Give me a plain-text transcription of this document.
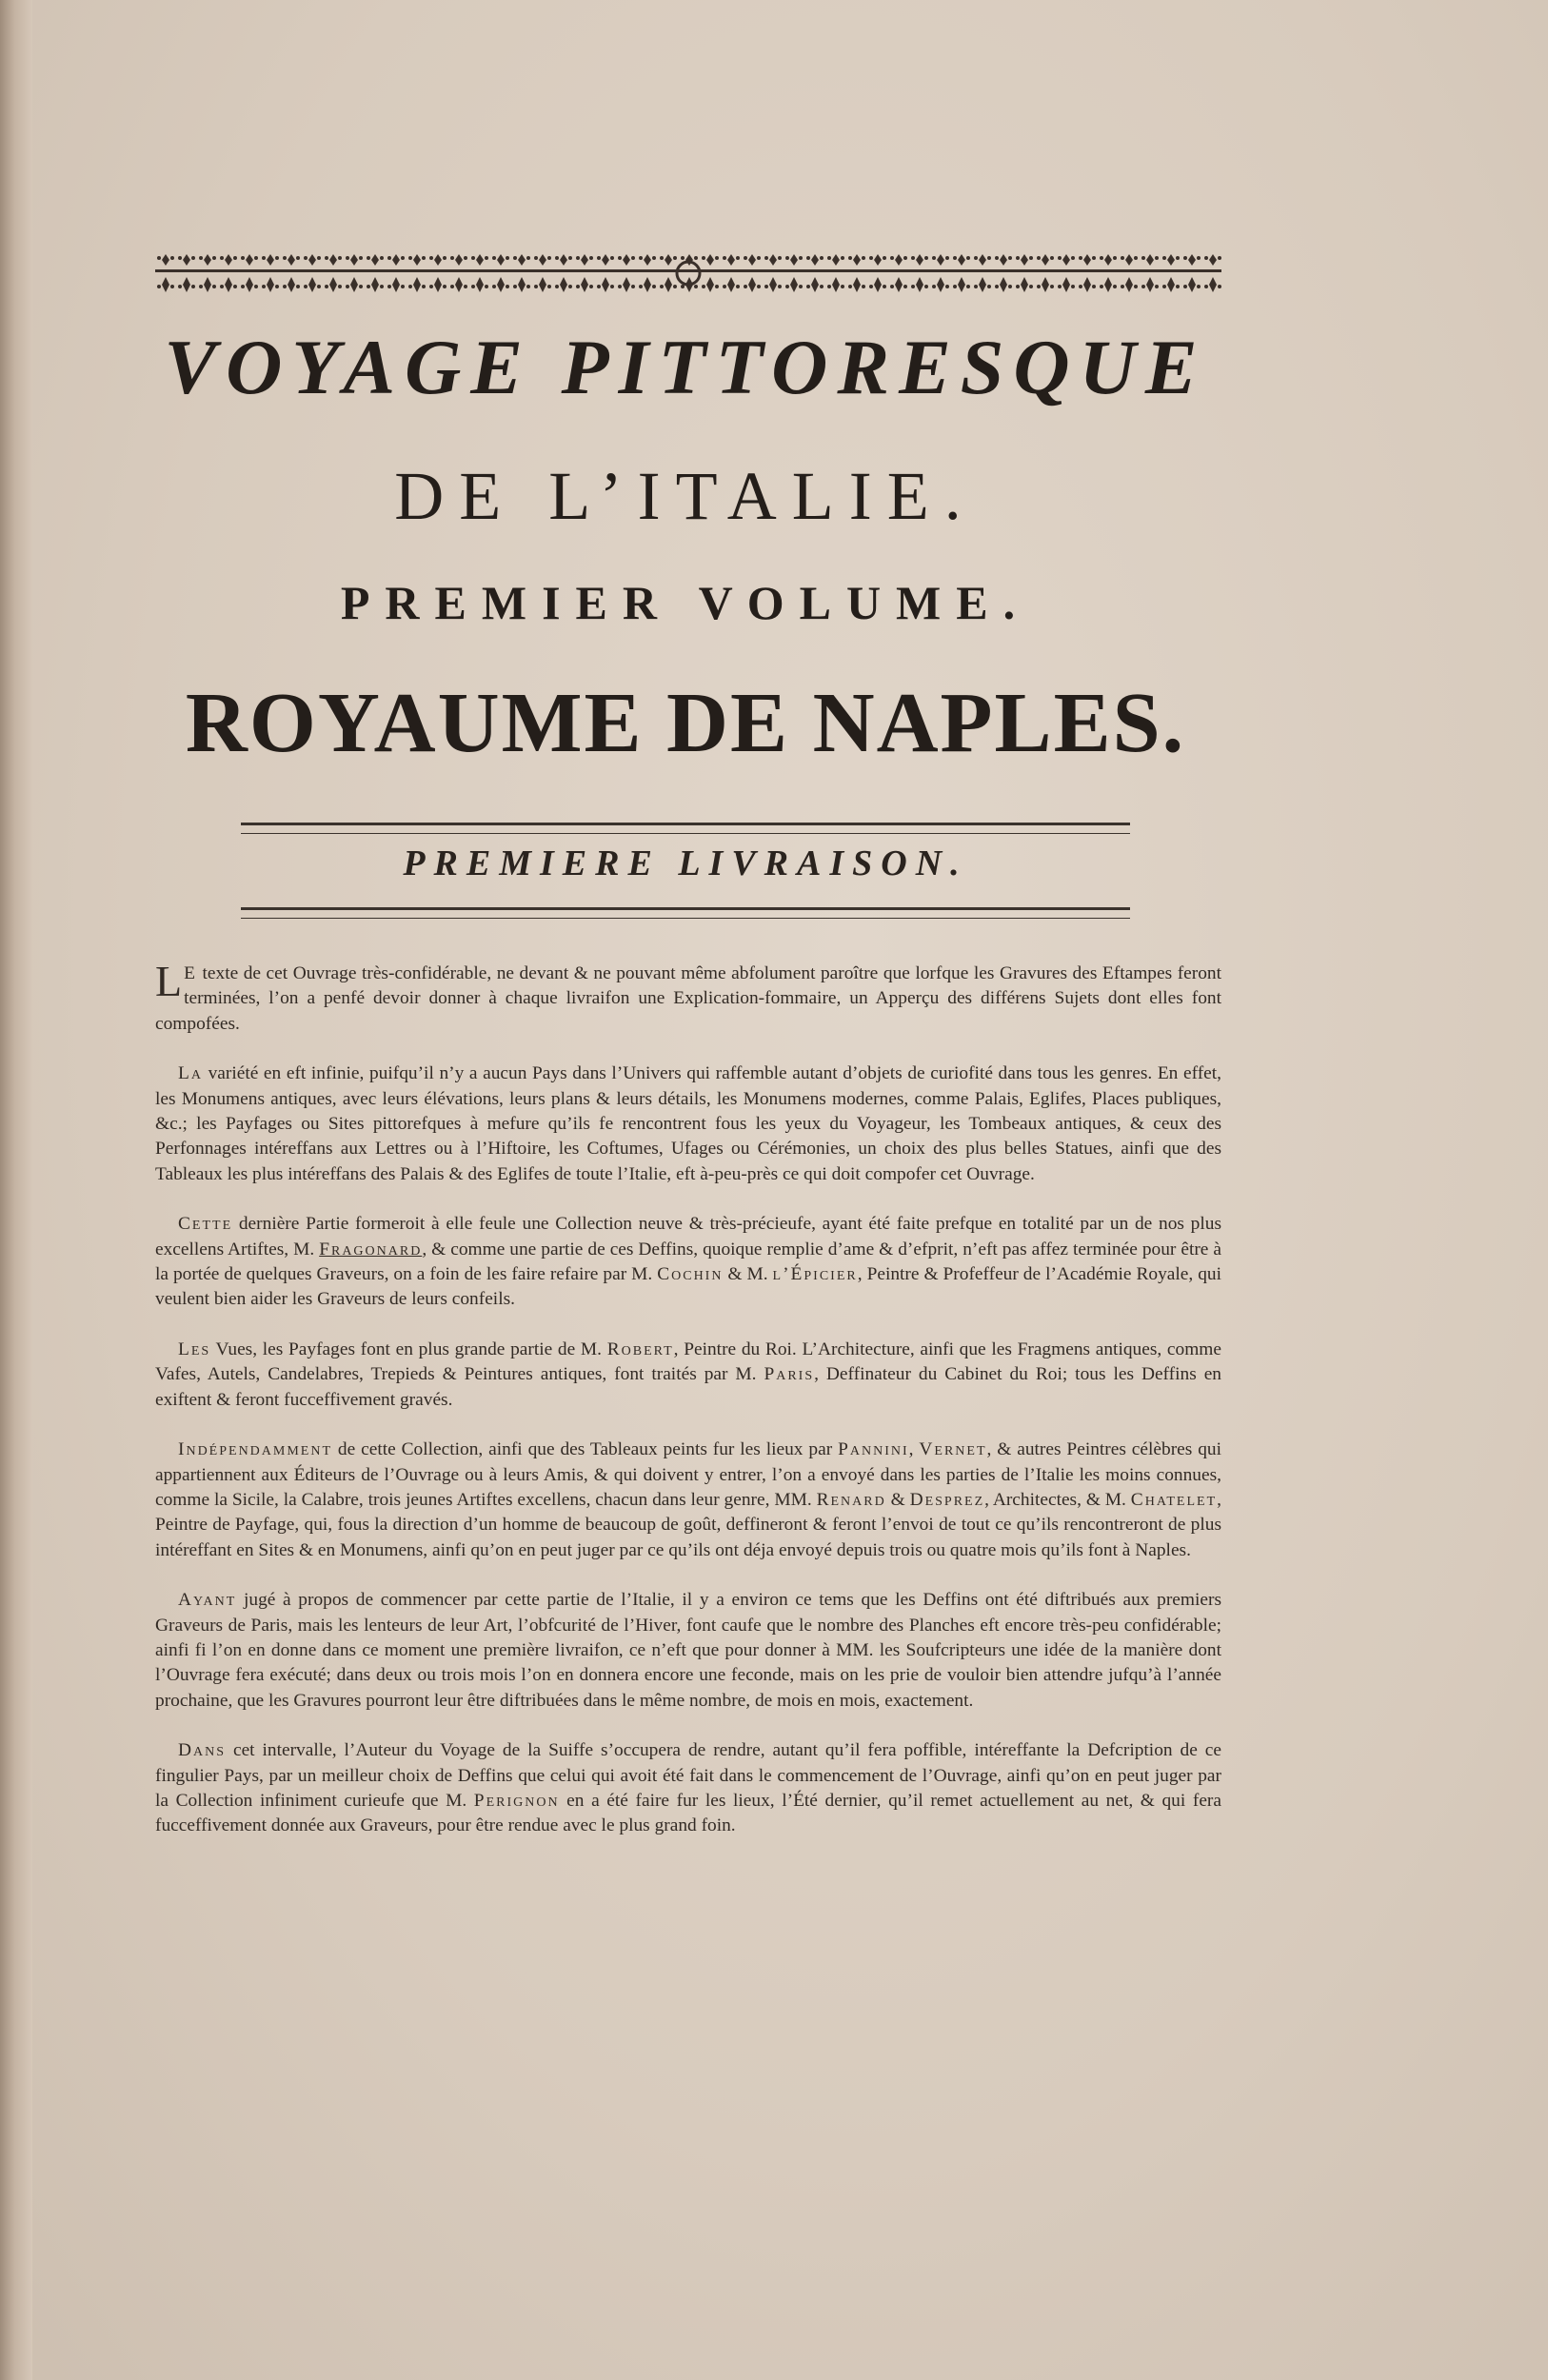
VOYAGE PITTORESQUE
DE L’ITALIE.
PREMIER VOLUME.
ROYAUME DE NAPLES.
PREMIERE LIVRAISON.

L E texte de cet Ouvrage très-confidérable, ne devant & ne pouvant même abfolument paroître que lorfque les Gravures des Eftampes feront terminées, l’on a penfé devoir donner à chaque livraifon une Explication-fommaire, un Apperçu des différens Sujets dont elles font compofées.

La variété en eft infinie, puifqu’il n’y a aucun Pays dans l’Univers qui raffemble autant d’objets de curiofité dans tous les genres. En effet, les Monumens antiques, avec leurs élévations, leurs plans & leurs détails, les Monumens modernes, comme Palais, Eglifes, Places publiques, &c.; les Payfages ou Sites pittorefques à mefure qu’ils fe rencontrent fous les yeux du Voyageur, les Tombeaux antiques, & ceux des Perfonnages intéreffans aux Lettres ou à l’Hiftoire, les Coftumes, Ufages ou Cérémonies, un choix des plus belles Statues, ainfi que des Tableaux les plus intéreffans des Palais & des Eglifes de toute l’Italie, eft à-peu-près ce qui doit compofer cet Ouvrage.

Cette dernière Partie formeroit à elle feule une Collection neuve & très-précieufe, ayant été faite prefque en totalité par un de nos plus excellens Artiftes, M. Fragonard, & comme une partie de ces Deffins, quoique remplie d’ame & d’efprit, n’eft pas affez terminée pour être à la portée de quelques Graveurs, on a foin de les faire refaire par M. Cochin & M. l’Épicier, Peintre & Profeffeur de l’Académie Royale, qui veulent bien aider les Graveurs de leurs confeils.

Les Vues, les Payfages font en plus grande partie de M. Robert, Peintre du Roi. L’Architecture, ainfi que les Fragmens antiques, comme Vafes, Autels, Candelabres, Trepieds & Peintures antiques, font traités par M. Paris, Deffinateur du Cabinet du Roi; tous les Deffins en exiftent & feront fucceffivement gravés.

Indépendamment de cette Collection, ainfi que des Tableaux peints fur les lieux par Pannini, Vernet, & autres Peintres célèbres qui appartiennent aux Éditeurs de l’Ouvrage ou à leurs Amis, & qui doivent y entrer, l’on a envoyé dans les parties de l’Italie les moins connues, comme la Sicile, la Calabre, trois jeunes Artiftes excellens, chacun dans leur genre, MM. Renard & Desprez, Architectes, & M. Chatelet, Peintre de Payfage, qui, fous la direction d’un homme de beaucoup de goût, deffineront & feront l’envoi de tout ce qu’ils rencontreront de plus intéreffant en Sites & en Monumens, ainfi qu’on en peut juger par ce qu’ils ont déja envoyé depuis trois ou quatre mois qu’ils font à Naples.

Ayant jugé à propos de commencer par cette partie de l’Italie, il y a environ ce tems que les Deffins ont été diftribués aux premiers Graveurs de Paris, mais les lenteurs de leur Art, l’obfcurité de l’Hiver, font caufe que le nombre des Planches eft encore très-peu confidérable; ainfi fi l’on en donne dans ce moment une première livraifon, ce n’eft que pour donner à MM. les Soufcripteurs une idée de la manière dont l’Ouvrage fera exécuté; dans deux ou trois mois l’on en donnera encore une feconde, mais on les prie de vouloir bien attendre jufqu’à l’année prochaine, que les Gravures pourront leur être diftribuées dans le même nombre, de mois en mois, exactement.

Dans cet intervalle, l’Auteur du Voyage de la Suiffe s’occupera de rendre, autant qu’il fera poffible, intéreffante la Defcription de ce fingulier Pays, par un meilleur choix de Deffins que celui qui avoit été fait dans le commencement de l’Ouvrage, ainfi qu’on en peut juger par la Collection infiniment curieufe que M. Perignon en a été faire fur les lieux, l’Été dernier, qu’il remet actuellement au net, & qui fera fucceffivement donnée aux Graveurs, pour être rendue avec le plus grand foin.
